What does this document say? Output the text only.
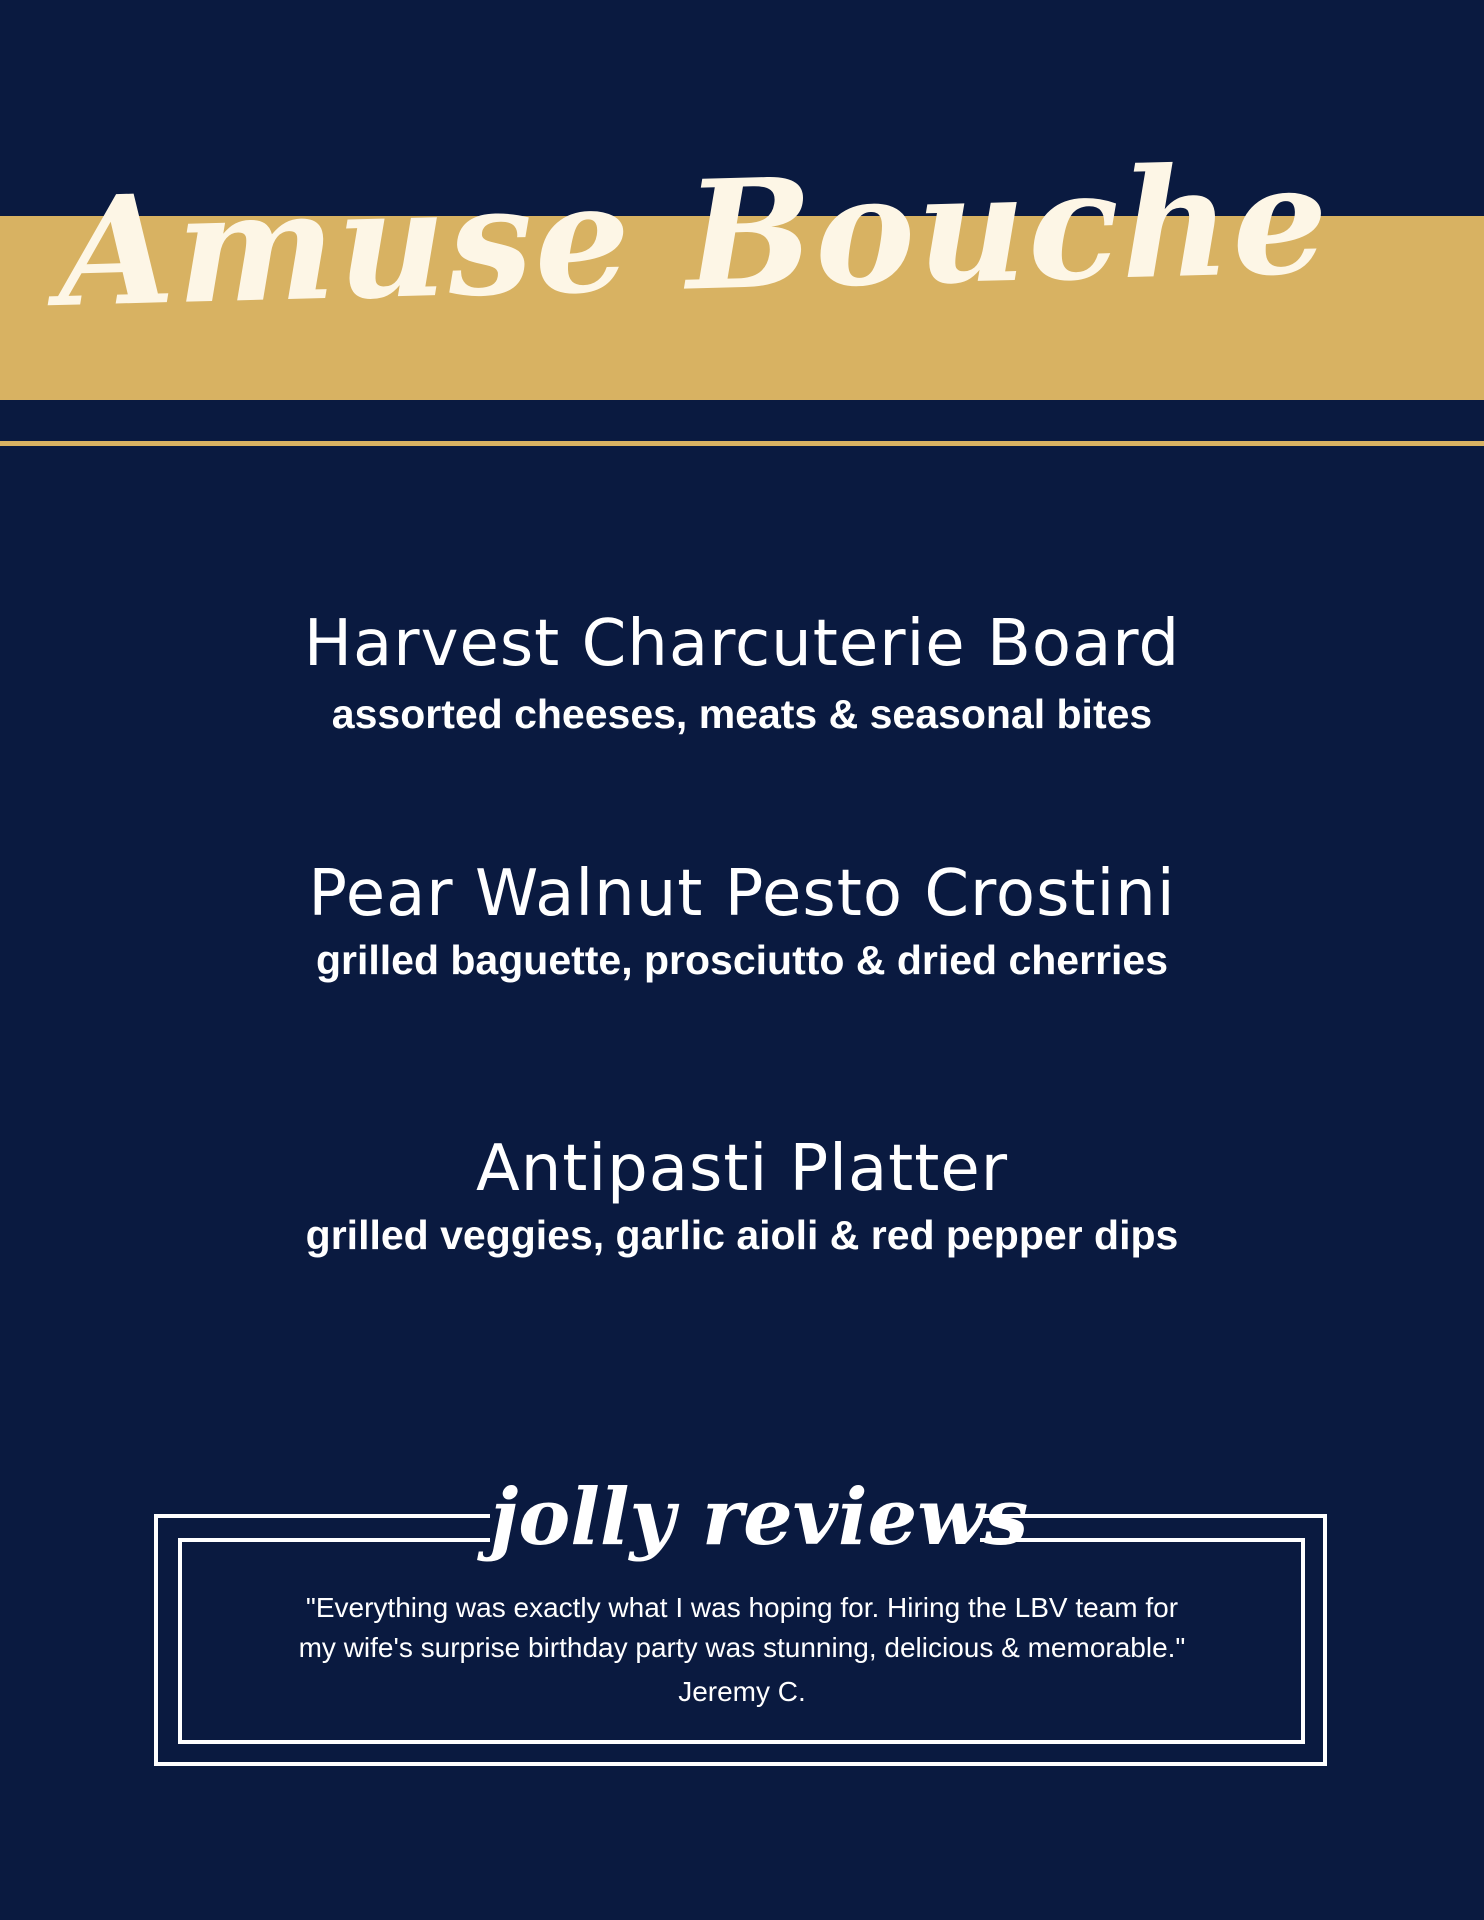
Amuse Bouche
Harvest Charcuterie Board
assorted cheeses, meats & seasonal bites
Pear Walnut Pesto Crostini
grilled baguette, prosciutto & dried cherries
Antipasti Platter
grilled veggies, garlic aioli & red pepper dips
jolly reviews
"Everything was exactly what I was hoping for. Hiring the LBV team for
my wife's surprise birthday party was stunning, delicious & memorable."
Jeremy C.
